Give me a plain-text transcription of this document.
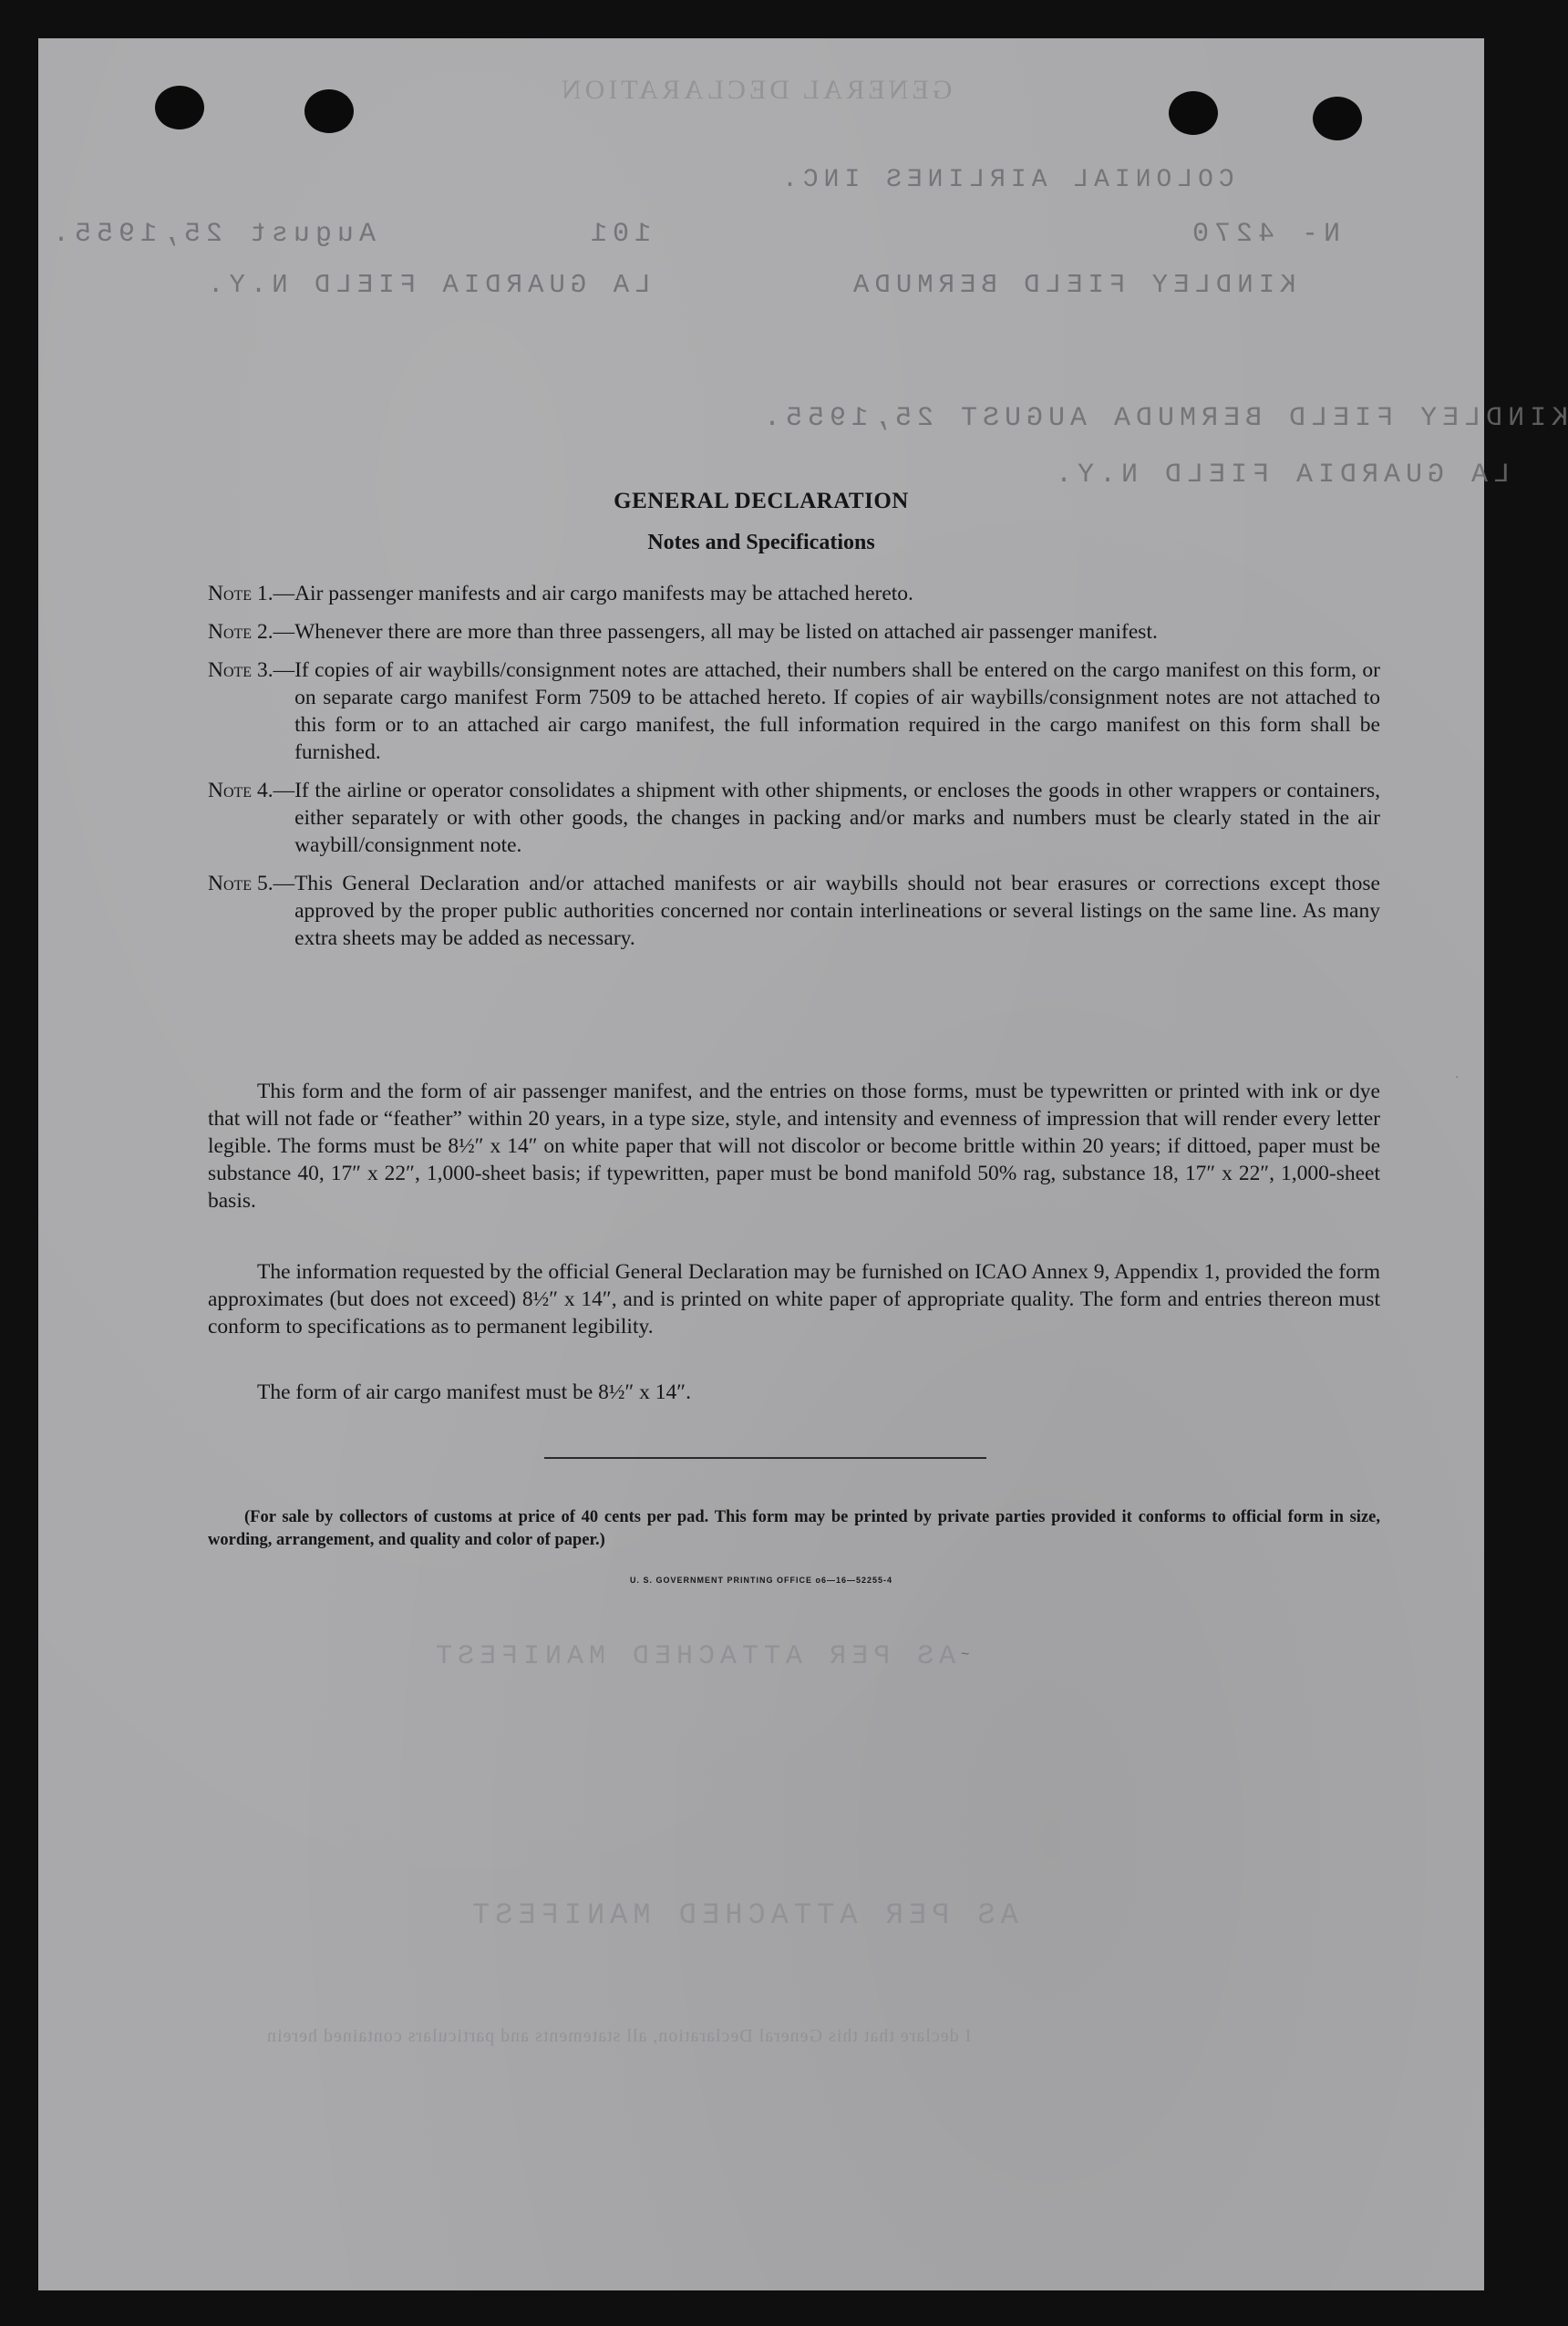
COLONIAL AIRLINES INC.
N- 4270
101
August 25,1955.
KINDLEY FIELD BERMUDA
LA GUARDIA FIELD N.Y.
KINDLEY FIELD BERMUDA AUGUST 25,1955.
LA GUARDIA FIELD N.Y.
AS PER ATTACHED MANIFEST
AS PER ATTACHED MANIFEST
GENERAL DECLARATION
I declare that this General Declaration, all statements and particulars contained herein
GENERAL DECLARATION
Notes and Specifications
Note 1.— Air passenger manifests and air cargo manifests may be attached hereto.
Note 2.— Whenever there are more than three passengers, all may be listed on attached air passenger manifest.
Note 3.— If copies of air waybills/consignment notes are attached, their numbers shall be entered on the cargo manifest on this form, or on separate cargo manifest Form 7509 to be attached hereto. If copies of air waybills/consignment notes are not attached to this form or to an attached air cargo manifest, the full information required in the cargo manifest on this form shall be furnished.
Note 4.— If the airline or operator consolidates a shipment with other shipments, or encloses the goods in other wrappers or containers, either separately or with other goods, the changes in packing and/or marks and numbers must be clearly stated in the air waybill/consignment note.
Note 5.— This General Declaration and/or attached manifests or air waybills should not bear erasures or corrections except those approved by the proper public authorities concerned nor contain interlineations or several listings on the same line. As many extra sheets may be added as necessary.
This form and the form of air passenger manifest, and the entries on those forms, must be typewritten or printed with ink or dye that will not fade or “feather” within 20 years, in a type size, style, and intensity and evenness of impression that will render every letter legible. The forms must be 8½″ x 14″ on white paper that will not discolor or become brittle within 20 years; if dittoed, paper must be substance 40, 17″ x 22″, 1,000-sheet basis; if typewritten, paper must be bond manifold 50% rag, substance 18, 17″ x 22″, 1,000-sheet basis.
The information requested by the official General Declaration may be furnished on ICAO Annex 9, Appendix 1, provided the form approximates (but does not exceed) 8½″ x 14″, and is printed on white paper of appropriate quality. The form and entries thereon must conform to specifications as to permanent legibility.
The form of air cargo manifest must be 8½″ x 14″.
(For sale by collectors of customs at price of 40 cents per pad. This form may be printed by private parties provided it conforms to official form in size, wording, arrangement, and quality and color of paper.)
U. S. GOVERNMENT PRINTING OFFICE o6—16—52255-4
·
~
